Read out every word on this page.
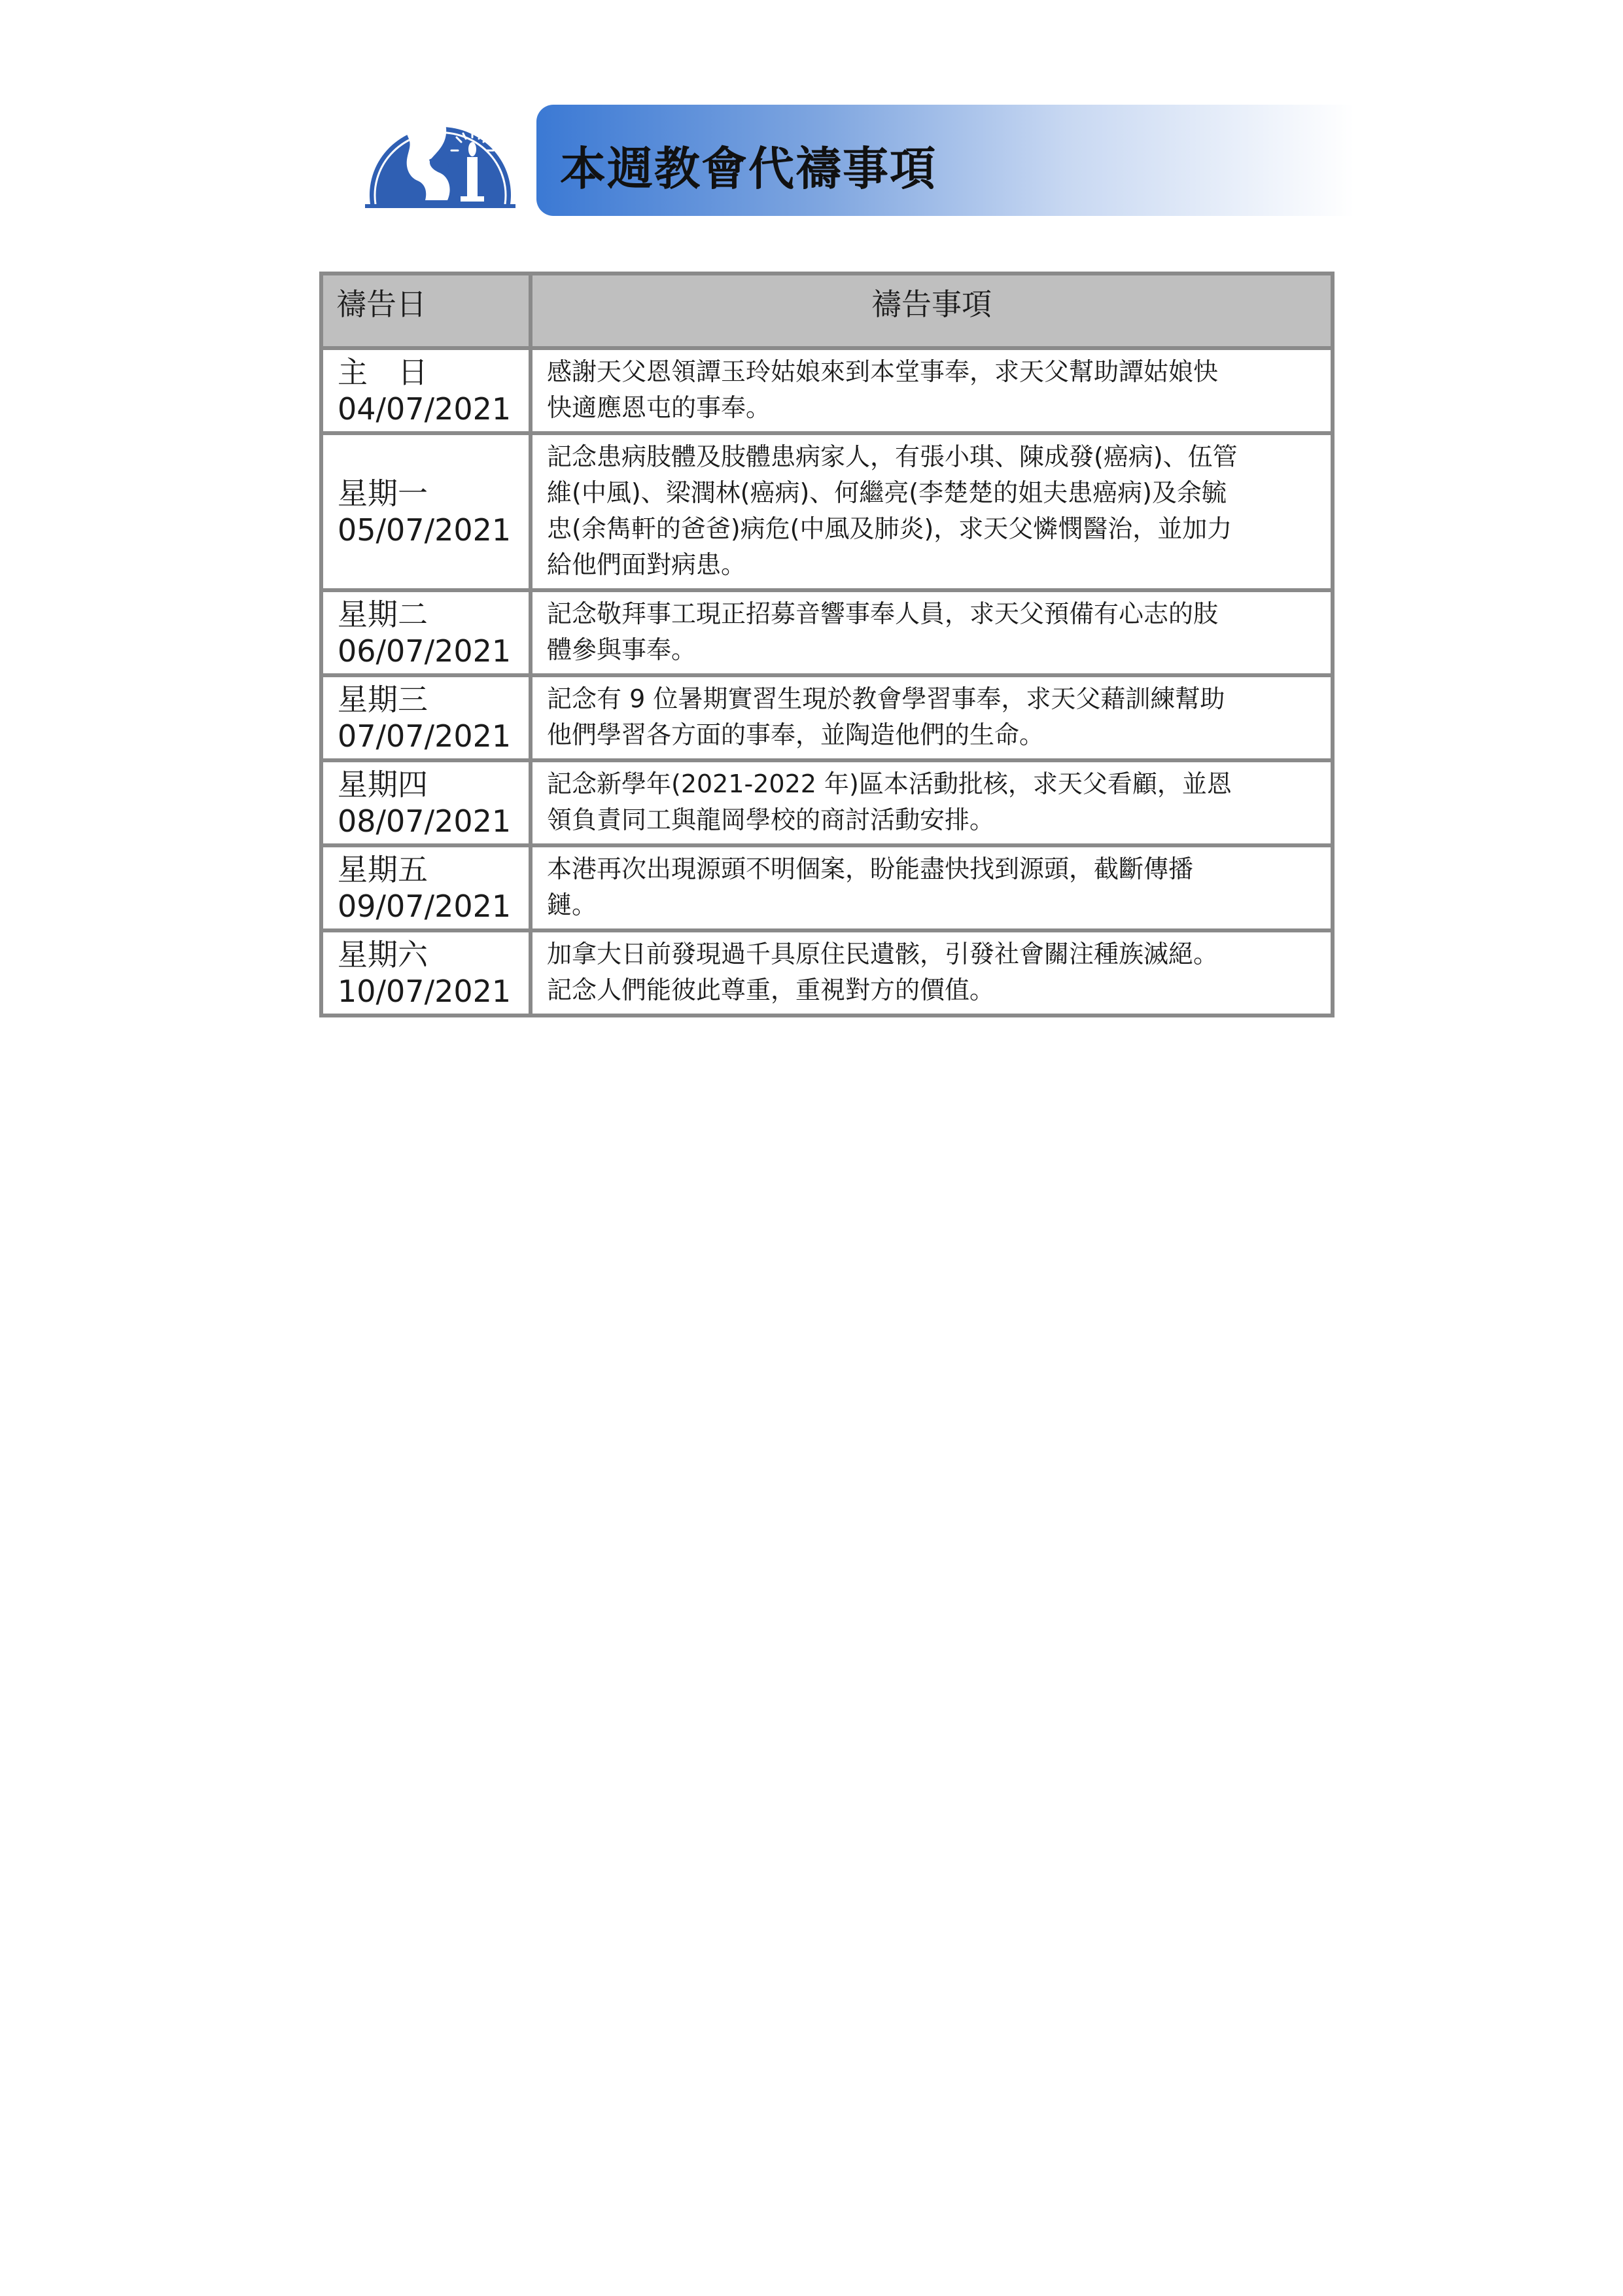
本週教會代禱事項
禱告日	禱告事項

主　日
04/07/2021	感謝天父恩領譚玉玲姑娘來到本堂事奉，求天父幫助譚姑娘快
快適應恩屯的事奉。

星期一
05/07/2021	記念患病肢體及肢體患病家人，有張小琪、陳成發(癌病)、伍管
維(中風)、梁潤林(癌病)、何繼亮(李楚楚的姐夫患癌病)及余毓
忠(余雋軒的爸爸)病危(中風及肺炎)，求天父憐憫醫治，並加力
給他們面對病患。

星期二
06/07/2021	記念敬拜事工現正招募音響事奉人員，求天父預備有心志的肢
體參與事奉。

星期三
07/07/2021	記念有 9 位暑期實習生現於教會學習事奉，求天父藉訓練幫助
他們學習各方面的事奉，並陶造他們的生命。

星期四
08/07/2021	記念新學年(2021-2022 年)區本活動批核，求天父看顧，並恩
領負責同工與龍岡學校的商討活動安排。

星期五
09/07/2021	本港再次出現源頭不明個案，盼能盡快找到源頭，截斷傳播
鏈。

星期六
10/07/2021	加拿大日前發現過千具原住民遺骸，引發社會關注種族滅絕。
記念人們能彼此尊重，重視對方的價值。
